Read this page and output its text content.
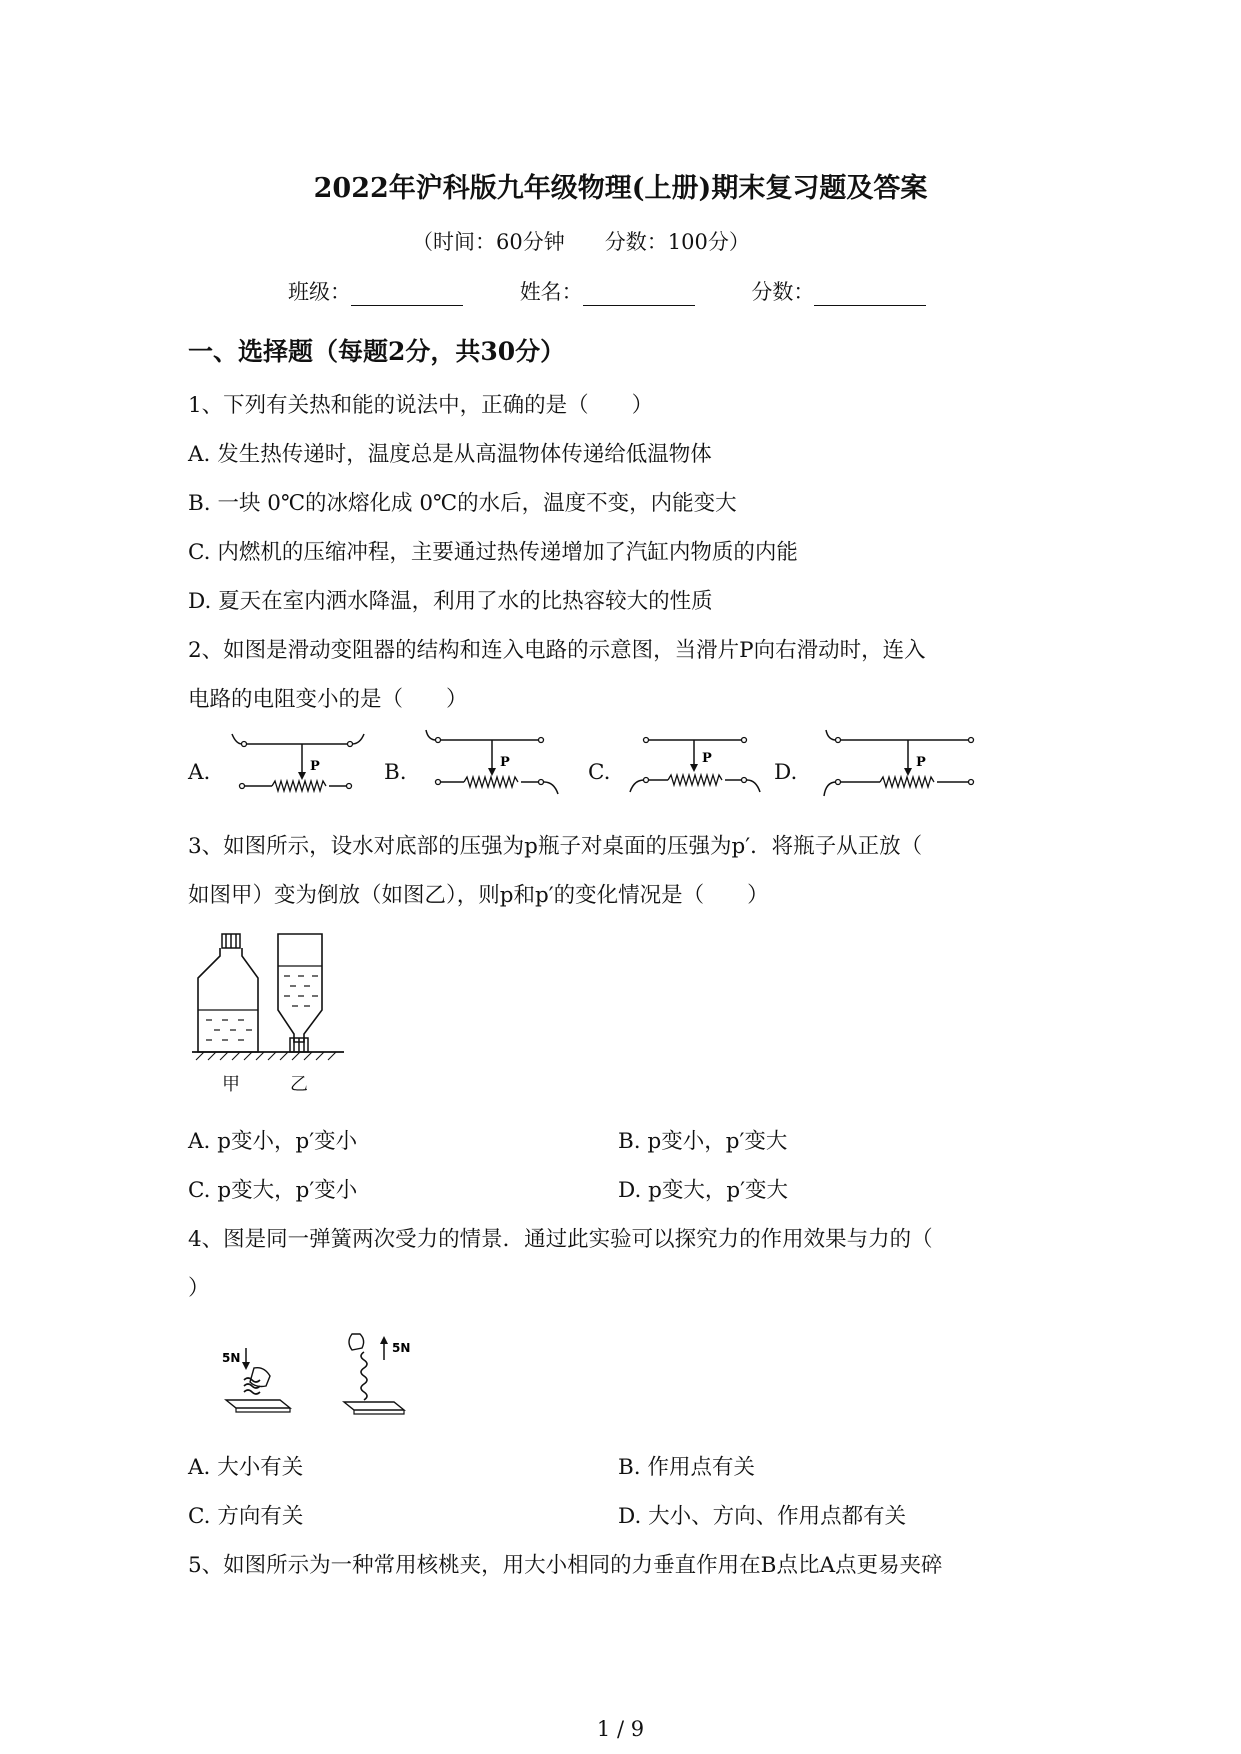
2022年沪科版九年级物理(上册)期末复习题及答案
（时间：60分钟 分数：100分）
班级：	姓名：	分数：
一、选择题（每题2分，共30分）
1、下列有关热和能的说法中，正确的是（　　）
A. 发生热传递时，温度总是从高温物体传递给低温物体
B. 一块 0℃的冰熔化成 0℃的水后，温度不变，内能变大
C. 内燃机的压缩冲程，主要通过热传递增加了汽缸内物质的内能
D. 夏天在室内洒水降温，利用了水的比热容较大的性质
2、如图是滑动变阻器的结构和连入电路的示意图，当滑片P向右滑动时，连入
电路的电阻变小的是（　　）
A.	B.	C.	D.
P	P	P	P
3、如图所示，设水对底部的压强为p瓶子对桌面的压强为p′．将瓶子从正放（
如图甲）变为倒放（如图乙），则p和p′的变化情况是（　　）
甲	乙
A. p变小，p′变小	B. p变小，p′变大
C. p变大，p′变小	D. p变大，p′变大
4、图是同一弹簧两次受力的情景．通过此实验可以探究力的作用效果与力的（
）
5N
5N
A. 大小有关	B. 作用点有关
C. 方向有关	D. 大小、方向、作用点都有关
5、如图所示为一种常用核桃夹，用大小相同的力垂直作用在B点比A点更易夹碎
1 / 9
